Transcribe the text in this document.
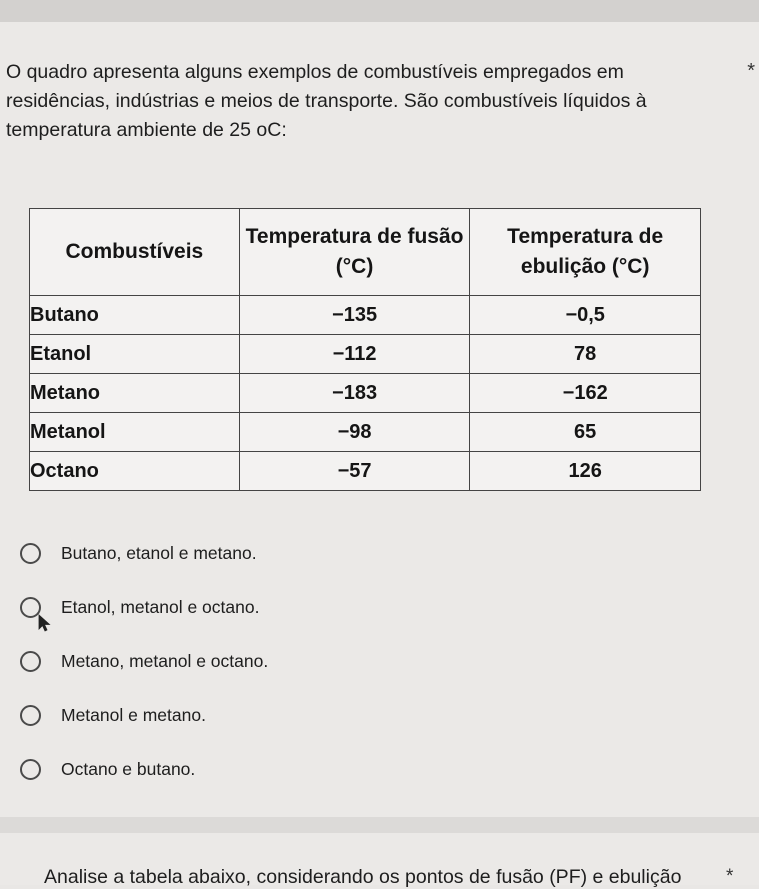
O quadro apresenta alguns exemplos de combustíveis empregados em residências, indústrias e meios de transporte. São combustíveis líquidos à temperatura ambiente de 25 oC:

*
Combustíveis	Temperatura de fusão (°C)	Temperatura de ebulição (°C)
Butano	−135	−0,5
Etanol	−112	78
Metano	−183	−162
Metanol	−98	65
Octano	−57	126
Butano, etanol e metano.
Etanol, metanol e octano.
Metano, metanol e octano.
Metanol e metano.
Octano e butano.
Analise a tabela abaixo, considerando os pontos de fusão (PF) e ebulição *
